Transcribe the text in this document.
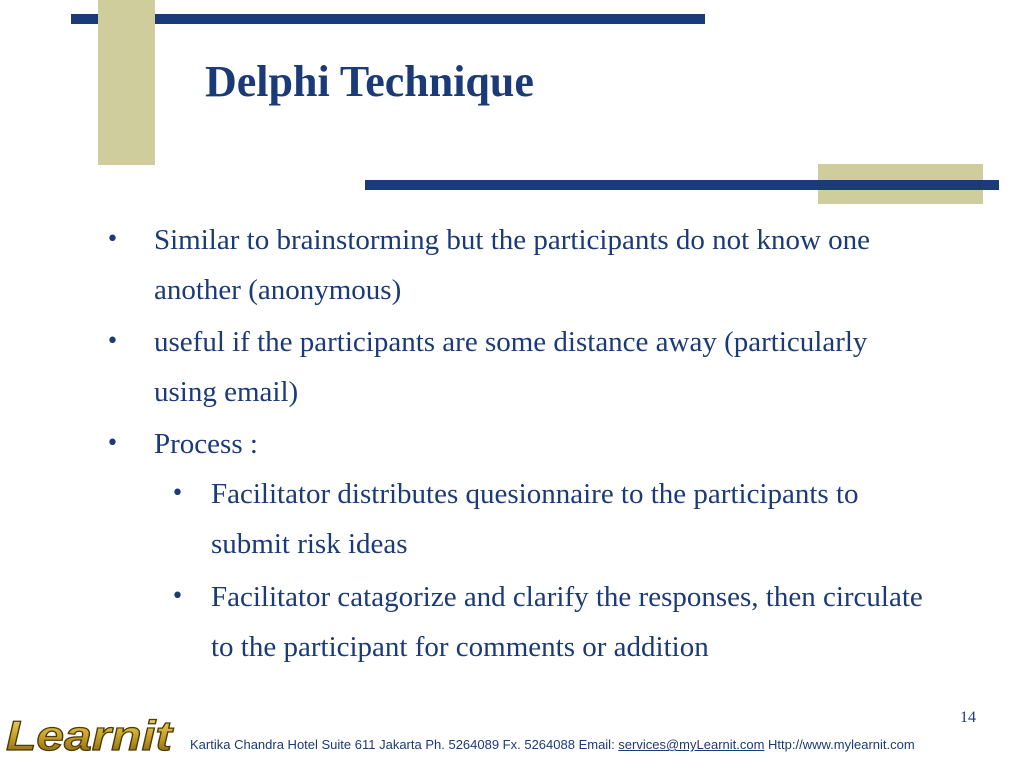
Delphi Technique
• Similar to brainstorming but the participants do not know one another (anonymous)
• useful if the participants are some distance away (particularly using email)
• Process :
• Facilitator distributes quesionnaire to the participants to submit risk ideas
• Facilitator catagorize and clarify the responses, then circulate to the participant for comments or addition
14
Learnit Kartika Chandra Hotel Suite 611 Jakarta Ph. 5264089 Fx. 5264088 Email: services@myLearnit.com Http://www.mylearnit.com
